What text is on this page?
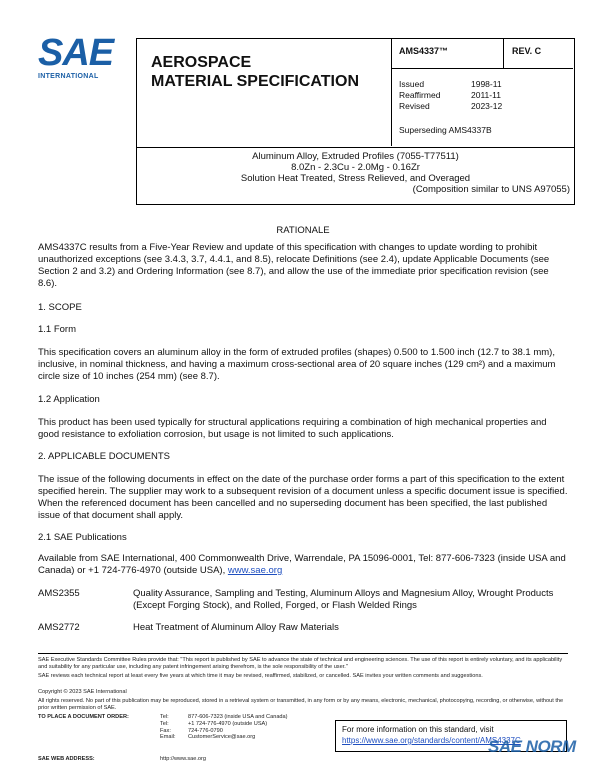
SAE
INTERNATIONAL
AEROSPACE
MATERIAL SPECIFICATION
AMS4337™	REV. C
Issued	1998-11
Reaffirmed	2011-11
Revised	2023-12
Superseding AMS4337B
Aluminum Alloy, Extruded Profiles (7055-T77511)
8.0Zn - 2.3Cu - 2.0Mg - 0.16Zr
Solution Heat Treated, Stress Relieved, and Overaged
(Composition similar to UNS A97055)
RATIONALE
AMS4337C results from a Five-Year Review and update of this specification with changes to update wording to prohibit unauthorized exceptions (see 3.4.3, 3.7, 4.4.1, and 8.5), relocate Definitions (see 2.4), update Applicable Documents (see Section 2 and 3.2) and Ordering Information (see 8.7), and allow the use of the immediate prior specification revision (see 8.6).
1. SCOPE
1.1 Form
This specification covers an aluminum alloy in the form of extruded profiles (shapes) 0.500 to 1.500 inch (12.7 to 38.1 mm), inclusive, in nominal thickness, and having a maximum cross-sectional area of 20 square inches (129 cm²) and a maximum circle size of 10 inches (254 mm) (see 8.7).
1.2 Application
This product has been used typically for structural applications requiring a combination of high mechanical properties and good resistance to exfoliation corrosion, but usage is not limited to such applications.
2. APPLICABLE DOCUMENTS
The issue of the following documents in effect on the date of the purchase order forms a part of this specification to the extent specified herein. The supplier may work to a subsequent revision of a document unless a specific document issue is specified. When the referenced document has been cancelled and no superseding document has been specified, the last published issue of that document shall apply.
2.1 SAE Publications
Available from SAE International, 400 Commonwealth Drive, Warrendale, PA 15096-0001, Tel: 877-606-7323 (inside USA and Canada) or +1 724-776-4970 (outside USA), www.sae.org
AMS2355	Quality Assurance, Sampling and Testing, Aluminum Alloys and Magnesium Alloy, Wrought Products (Except Forging Stock), and Rolled, Forged, or Flash Welded Rings
AMS2772	Heat Treatment of Aluminum Alloy Raw Materials
SAE Executive Standards Committee Rules provide that: "This report is published by SAE to advance the state of technical and engineering sciences. The use of this report is entirely voluntary, and its applicability and suitability for any particular use, including any patent infringement arising therefrom, is the sole responsibility of the user."
SAE reviews each technical report at least every five years at which time it may be revised, reaffirmed, stabilized, or cancelled. SAE invites your written comments and suggestions.
Copyright © 2023 SAE International
All rights reserved. No part of this publication may be reproduced, stored in a retrieval system or transmitted, in any form or by any means, electronic, mechanical, photocopying, recording, or otherwise, without the prior written permission of SAE.
TO PLACE A DOCUMENT ORDER:	Tel:	877-606-7323 (inside USA and Canada)
Tel:	+1 724-776-4970 (outside USA)
Fax:	724-776-0790
Email: CustomerService@sae.org
SAE WEB ADDRESS:	http://www.sae.org
For more information on this standard, visit
https://www.sae.org/standards/content/AMS4337C
SAE NORM
